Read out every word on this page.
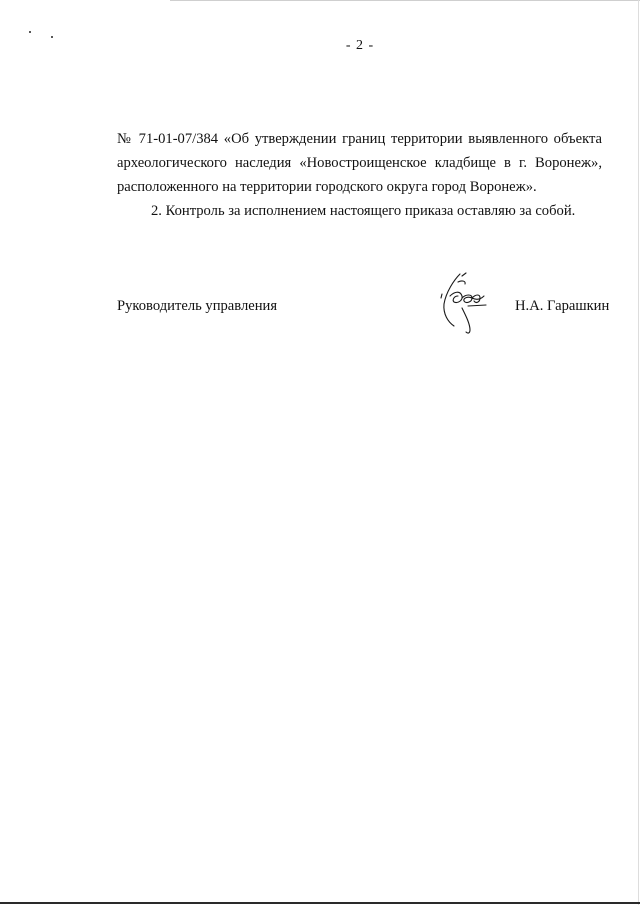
- 2 -

№ 71-01-07/384 «Об утверждении границ территории выявленного объекта археологического наследия «Новостроищенское кладбище в г. Воронеж», расположенного на территории городского округа город Воронеж».

2. Контроль за исполнением настоящего приказа оставляю за собой.

Руководитель управления	Н.А. Гарашкин
